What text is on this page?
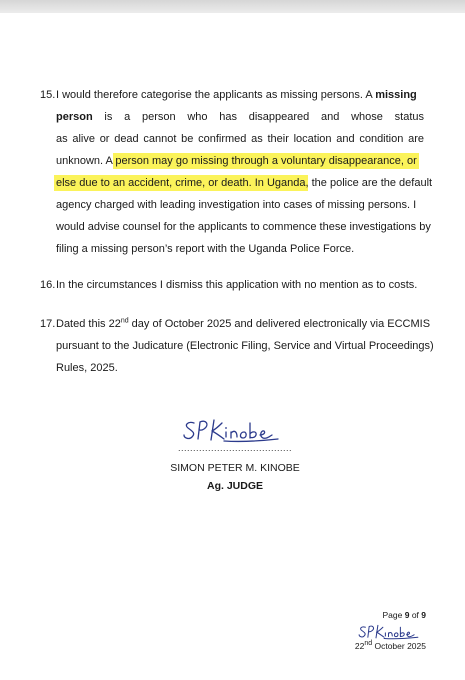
15. I would therefore categorise the applicants as missing persons. A missing
person is a person who has disappeared and whose status
as alive or dead cannot be confirmed as their location and condition are
unknown. A person may go missing through a voluntary disappearance, or
else due to an accident, crime, or death. In Uganda, the police are the default
agency charged with leading investigation into cases of missing persons. I
would advise counsel for the applicants to commence these investigations by
filing a missing person’s report with the Uganda Police Force.
16. In the circumstances I dismiss this application with no mention as to costs.
17. Dated this 22nd day of October 2025 and delivered electronically via ECCMIS
pursuant to the Judicature (Electronic Filing, Service and Virtual Proceedings)
Rules, 2025.
......................................
SIMON PETER M. KINOBE
Ag. JUDGE
Page 9 of 9
22nd October 2025
